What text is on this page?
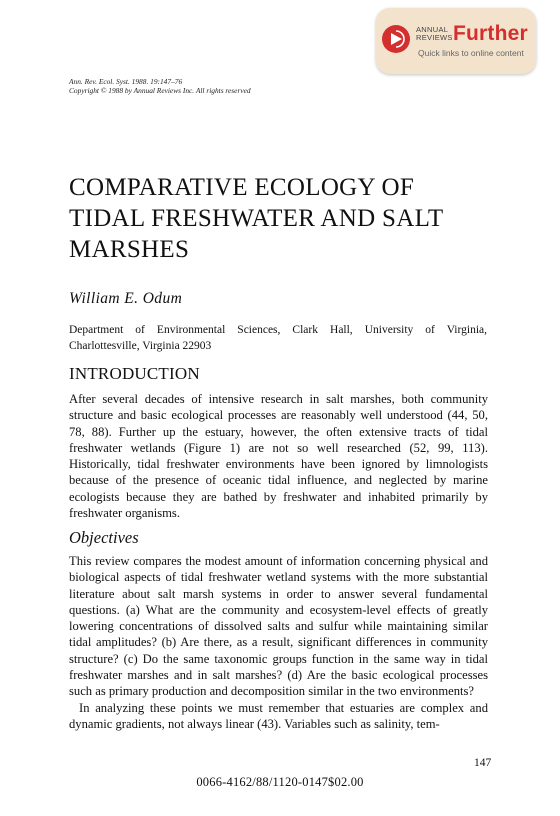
ANNUAL
REVIEWS Further
Quick links to online content
Ann. Rev. Ecol. Syst. 1988. 19:147–76
Copyright © 1988 by Annual Reviews Inc. All rights reserved
COMPARATIVE ECOLOGY OF
TIDAL FRESHWATER AND SALT
MARSHES
William E. Odum
Department of Environmental Sciences, Clark Hall, University of Virginia, Charlottesville, Virginia 22903
INTRODUCTION

After several decades of intensive research in salt marshes, both community structure and basic ecological processes are reasonably well understood (44, 50, 78, 88). Further up the estuary, however, the often extensive tracts of tidal freshwater wetlands (Figure 1) are not so well researched (52, 99, 113). Historically, tidal freshwater environments have been ignored by limnologists because of the presence of oceanic tidal influence, and neglected by marine ecologists because they are bathed by freshwater and inhabited primarily by freshwater organisms.

Objectives

This review compares the modest amount of information concerning physical and biological aspects of tidal freshwater wetland systems with the more substantial literature about salt marsh systems in order to answer several fundamental questions. (a) What are the community and ecosystem-level effects of greatly lowering concentrations of dissolved salts and sulfur while maintaining similar tidal amplitudes? (b) Are there, as a result, significant differences in community structure? (c) Do the same taxonomic groups function in the same way in tidal freshwater marshes and in salt marshes? (d) Are the basic ecological processes such as primary production and decomposition similar in the two environments?

In analyzing these points we must remember that estuaries are complex and dynamic gradients, not always linear (43). Variables such as salinity, tem-

147
0066-4162/88/1120-0147$02.00
